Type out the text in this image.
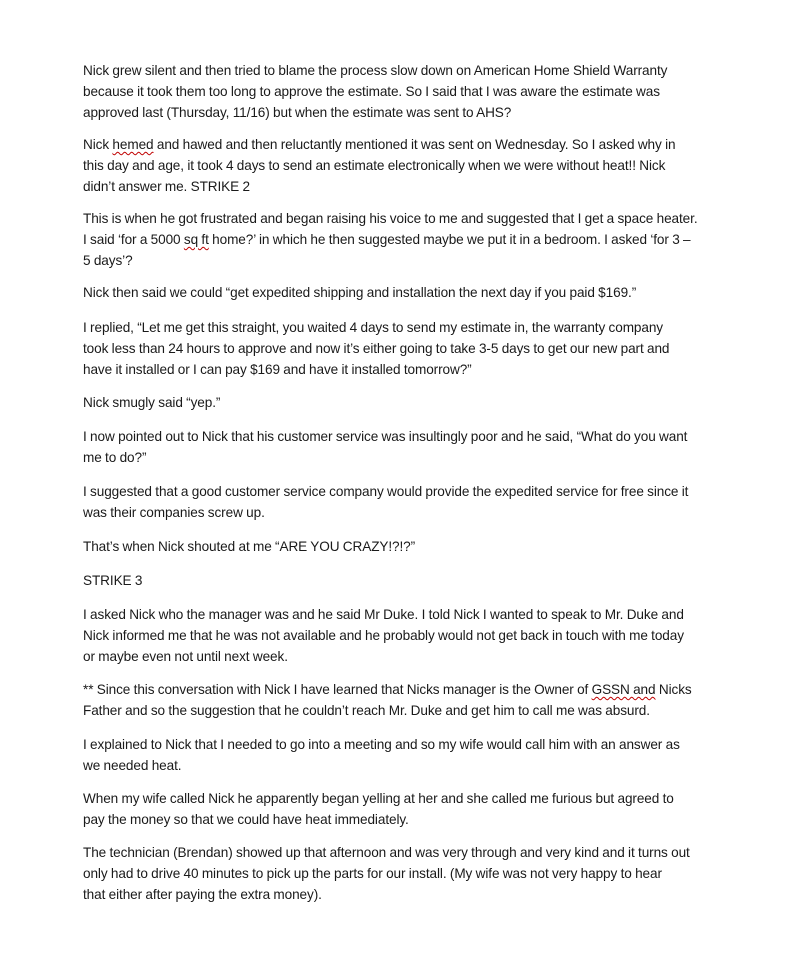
Nick grew silent and then tried to blame the process slow down on American Home Shield Warranty

because it took them too long to approve the estimate. So I said that I was aware the estimate was

approved last (Thursday, 11/16) but when the estimate was sent to AHS?

Nick hemed and hawed and then reluctantly mentioned it was sent on Wednesday. So I asked why in

this day and age, it took 4 days to send an estimate electronically when we were without heat!! Nick

didn’t answer me. STRIKE 2

This is when he got frustrated and began raising his voice to me and suggested that I get a space heater.

I said ‘for a 5000 sq ft home?’ in which he then suggested maybe we put it in a bedroom. I asked ‘for 3 –

5 days’?

Nick then said we could “get expedited shipping and installation the next day if you paid $169.”

I replied, “Let me get this straight, you waited 4 days to send my estimate in, the warranty company

took less than 24 hours to approve and now it’s either going to take 3-5 days to get our new part and

have it installed or I can pay $169 and have it installed tomorrow?”

Nick smugly said “yep.”

I now pointed out to Nick that his customer service was insultingly poor and he said, “What do you want

me to do?”

I suggested that a good customer service company would provide the expedited service for free since it

was their companies screw up.

That’s when Nick shouted at me “ARE YOU CRAZY!?!?”

STRIKE 3

I asked Nick who the manager was and he said Mr Duke. I told Nick I wanted to speak to Mr. Duke and

Nick informed me that he was not available and he probably would not get back in touch with me today

or maybe even not until next week.

** Since this conversation with Nick I have learned that Nicks manager is the Owner of GSSN and Nicks

Father and so the suggestion that he couldn’t reach Mr. Duke and get him to call me was absurd.

I explained to Nick that I needed to go into a meeting and so my wife would call him with an answer as

we needed heat.

When my wife called Nick he apparently began yelling at her and she called me furious but agreed to

pay the money so that we could have heat immediately.

The technician (Brendan) showed up that afternoon and was very through and very kind and it turns out

only had to drive 40 minutes to pick up the parts for our install. (My wife was not very happy to hear

that either after paying the extra money).
